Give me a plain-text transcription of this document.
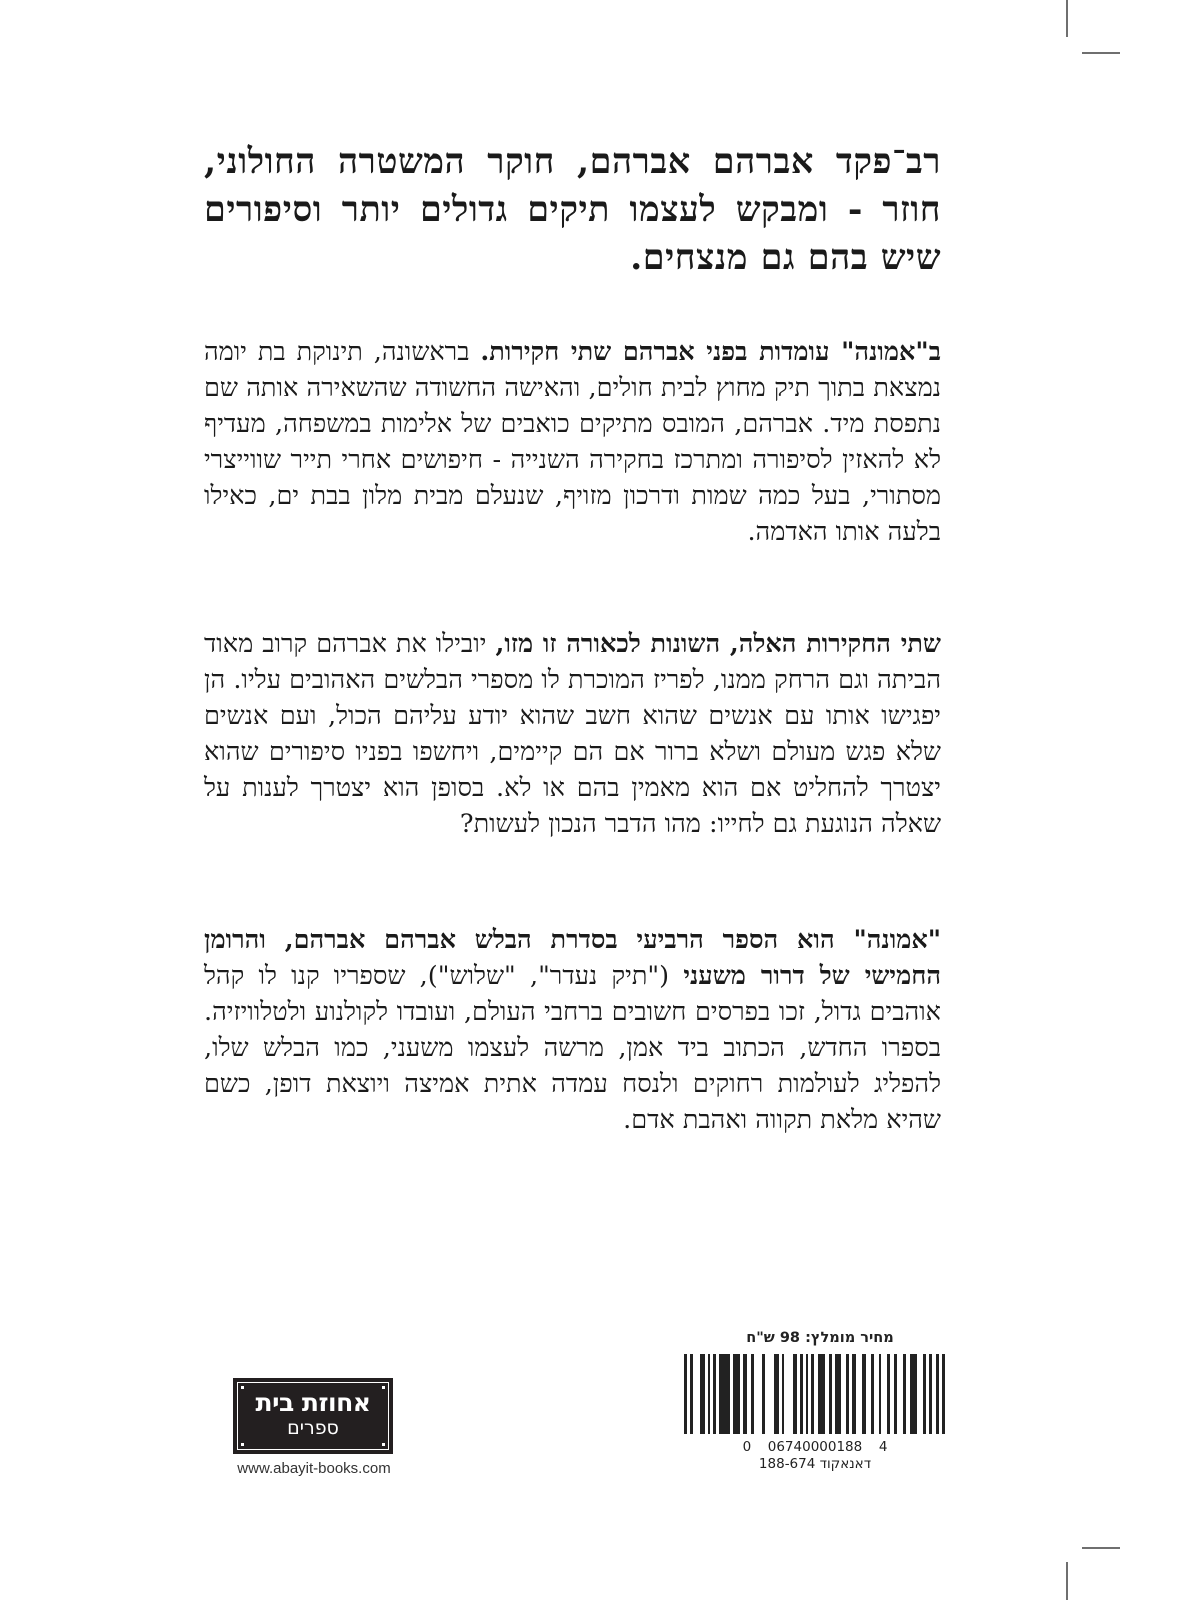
רב־פקד אברהם אברהם, חוקר המשטרה החולוני, חוזר - ומבקש לעצמו תיקים גדולים יותר וסיפורים שיש בהם גם מנצחים.
ב"אמונה" עומדות בפני אברהם שתי חקירות. בראשונה, תינוקת בת יומה נמצאת בתוך תיק מחוץ לבית חולים, והאישה החשודה שהשאירה אותה שם נתפסת מיד. אברהם, המובס מתיקים כואבים של אלימות במשפחה, מעדיף לא להאזין לסיפורה ומתרכז בחקירה השנייה - חיפושים אחרי תייר שווייצרי מסתורי, בעל כמה שמות ודרכון מזויף, שנעלם מבית מלון בבת ים, כאילו בלעה אותו האדמה.
שתי החקירות האלה, השונות לכאורה זו מזו, יובילו את אברהם קרוב מאוד הביתה וגם הרחק ממנו, לפריז המוכרת לו מספרי הבלשים האהובים עליו. הן יפגישו אותו עם אנשים שהוא חשב שהוא יודע עליהם הכול, ועם אנשים שלא פגש מעולם ושלא ברור אם הם קיימים, ויחשפו בפניו סיפורים שהוא יצטרך להחליט אם הוא מאמין בהם או לא. בסופן הוא יצטרך לענות על שאלה הנוגעת גם לחייו: מהו הדבר הנכון לעשות?
"אמונה" הוא הספר הרביעי בסדרת הבלש אברהם אברהם, והרומן החמישי של דרור משעני ("תיק נעדר", "שלוש"), שספריו קנו לו קהל אוהבים גדול, זכו בפרסים חשובים ברחבי העולם, ועובדו לקולנוע ולטלוויזיה. בספרו החדש, הכתוב ביד אמן, מרשה לעצמו משעני, כמו הבלש שלו, להפליג לעולמות רחוקים ולנסח עמדה אתית אמיצה ויוצאת דופן, כשם שהיא מלאת תקווה ואהבת אדם.
אחוזת בית
ספרים
www.abayit-books.com
מחיר מומלץ: 98 ש"ח
0  06740000188  4
דאנאקוד 188-674
